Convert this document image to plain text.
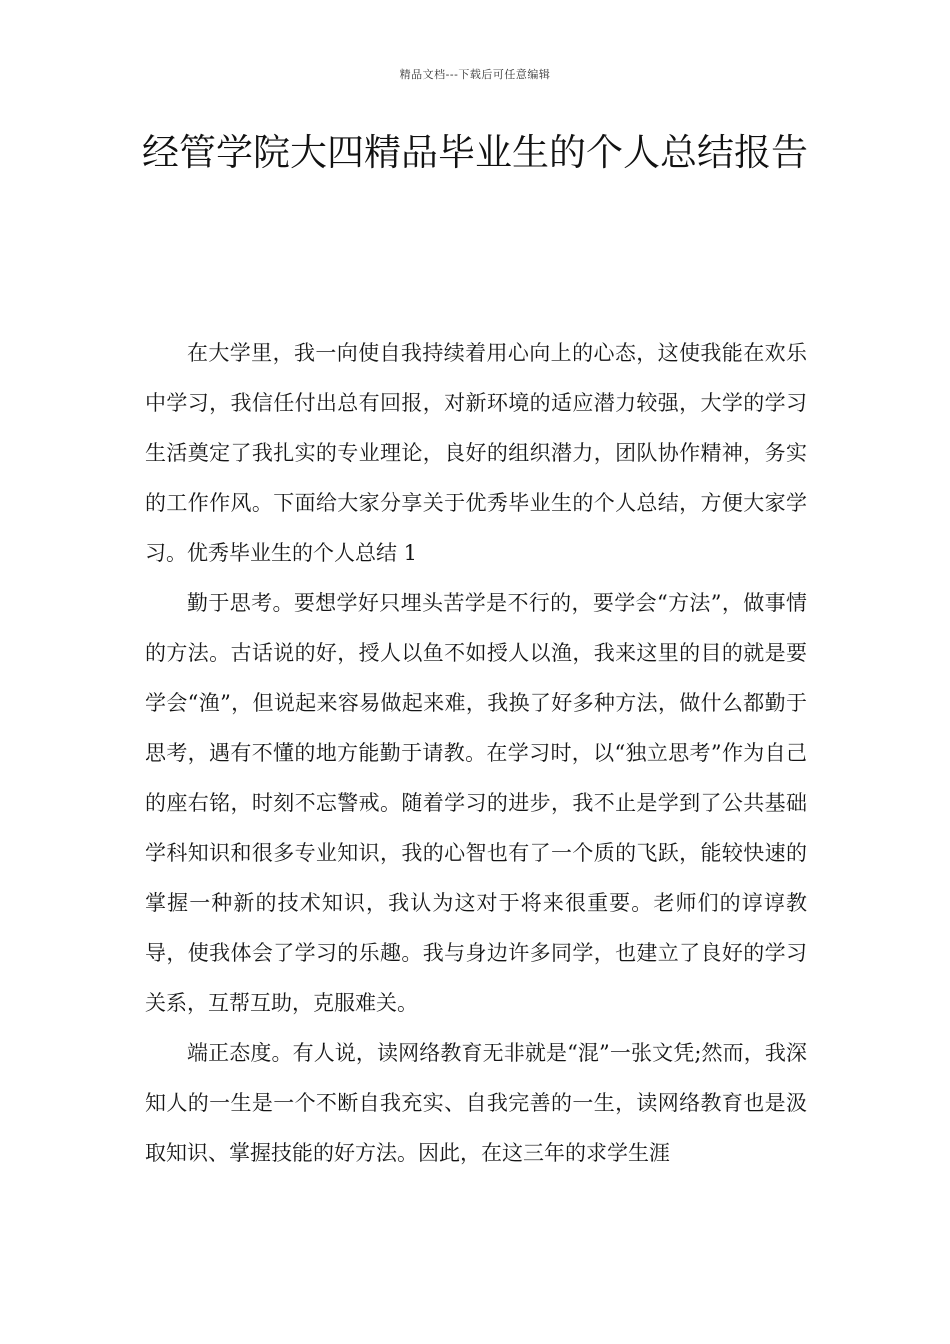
精品文档---下载后可任意编辑
经管学院大四精品毕业生的个人总结报告

在大学里，我一向使自我持续着用心向上的心态，这使我能在欢乐中学习，我信任付出总有回报，对新环境的适应潜力较强，大学的学习生活奠定了我扎实的专业理论，良好的组织潜力，团队协作精神，务实的工作作风。下面给大家分享关于优秀毕业生的个人总结，方便大家学习。优秀毕业生的个人总结 1

勤于思考。要想学好只埋头苦学是不行的，要学会“方法”，做事情的方法。古话说的好，授人以鱼不如授人以渔，我来这里的目的就是要学会“渔”，但说起来容易做起来难，我换了好多种方法，做什么都勤于思考，遇有不懂的地方能勤于请教。在学习时，以“独立思考”作为自己的座右铭，时刻不忘警戒。随着学习的进步，我不止是学到了公共基础学科知识和很多专业知识，我的心智也有了一个质的飞跃，能较快速的掌握一种新的技术知识，我认为这对于将来很重要。老师们的谆谆教导，使我体会了学习的乐趣。我与身边许多同学，也建立了良好的学习关系，互帮互助，克服难关。

端正态度。有人说，读网络教育无非就是“混”一张文凭;然而，我深知人的一生是一个不断自我充实、自我完善的一生，读网络教育也是汲取知识、掌握技能的好方法。因此，在这三年的求学生涯
